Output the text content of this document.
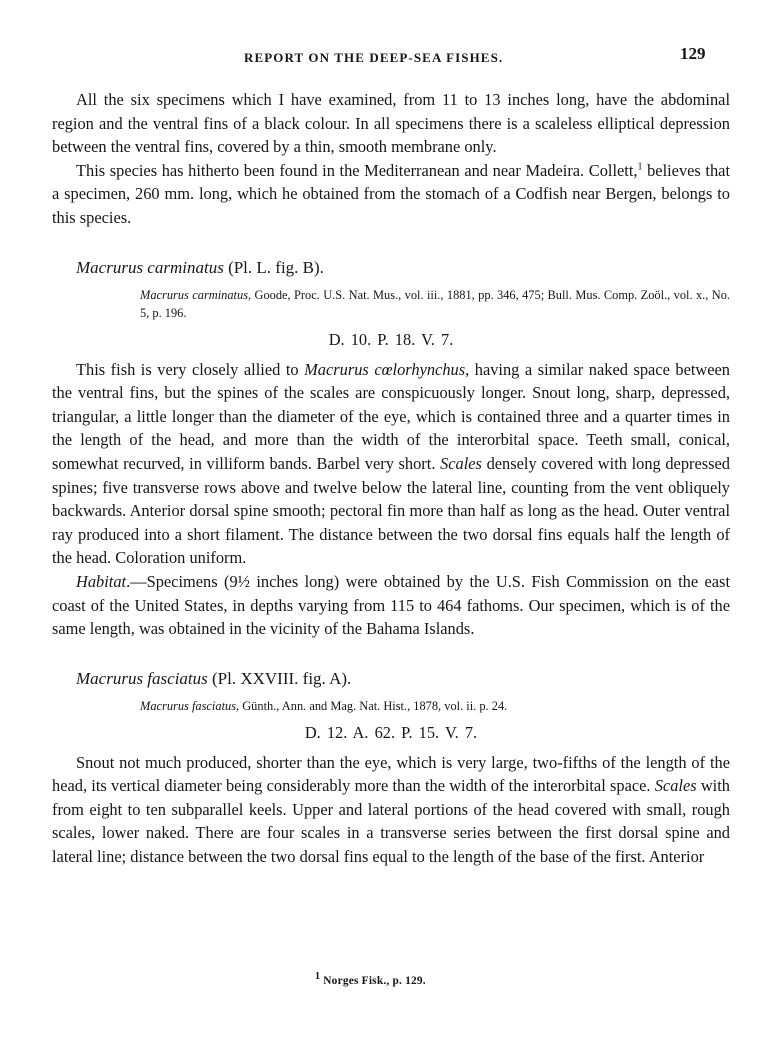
REPORT ON THE DEEP-SEA FISHES.	129

All the six specimens which I have examined, from 11 to 13 inches long, have the abdominal region and the ventral fins of a black colour. In all specimens there is a scaleless elliptical depression between the ventral fins, covered by a thin, smooth membrane only.

This species has hitherto been found in the Mediterranean and near Madeira. Collett,$^1$ believes that a specimen, 260 mm. long, which he obtained from the stomach of a Codfish near Bergen, belongs to this species.

Macrurus carminatus (Pl. L. fig. B).
Macrurus carminatus, Goode, Proc. U.S. Nat. Mus., vol. iii., 1881, pp. 346, 475; Bull. Mus. Comp. Zoöl., vol. x., No. 5, p. 196.
D. 10. P. 18. V. 7.

This fish is very closely allied to Macrurus cœlorhynchus, having a similar naked space between the ventral fins, but the spines of the scales are conspicuously longer. Snout long, sharp, depressed, triangular, a little longer than the diameter of the eye, which is contained three and a quarter times in the length of the head, and more than the width of the interorbital space. Teeth small, conical, somewhat recurved, in villiform bands. Barbel very short. Scales densely covered with long depressed spines; five transverse rows above and twelve below the lateral line, counting from the vent obliquely backwards. Anterior dorsal spine smooth; pectoral fin more than half as long as the head. Outer ventral ray produced into a short filament. The distance between the two dorsal fins equals half the length of the head. Coloration uniform.

Habitat.—Specimens (9½ inches long) were obtained by the U.S. Fish Commission on the east coast of the United States, in depths varying from 115 to 464 fathoms. Our specimen, which is of the same length, was obtained in the vicinity of the Bahama Islands.

Macrurus fasciatus (Pl. XXVIII. fig. A).
Macrurus fasciatus, Günth., Ann. and Mag. Nat. Hist., 1878, vol. ii. p. 24.
D. 12. A. 62. P. 15. V. 7.

Snout not much produced, shorter than the eye, which is very large, two-fifths of the length of the head, its vertical diameter being considerably more than the width of the interorbital space. Scales with from eight to ten subparallel keels. Upper and lateral portions of the head covered with small, rough scales, lower naked. There are four scales in a transverse series between the first dorsal spine and lateral line; distance between the two dorsal fins equal to the length of the base of the first. Anterior

1 Norges Fisk., p. 129.
